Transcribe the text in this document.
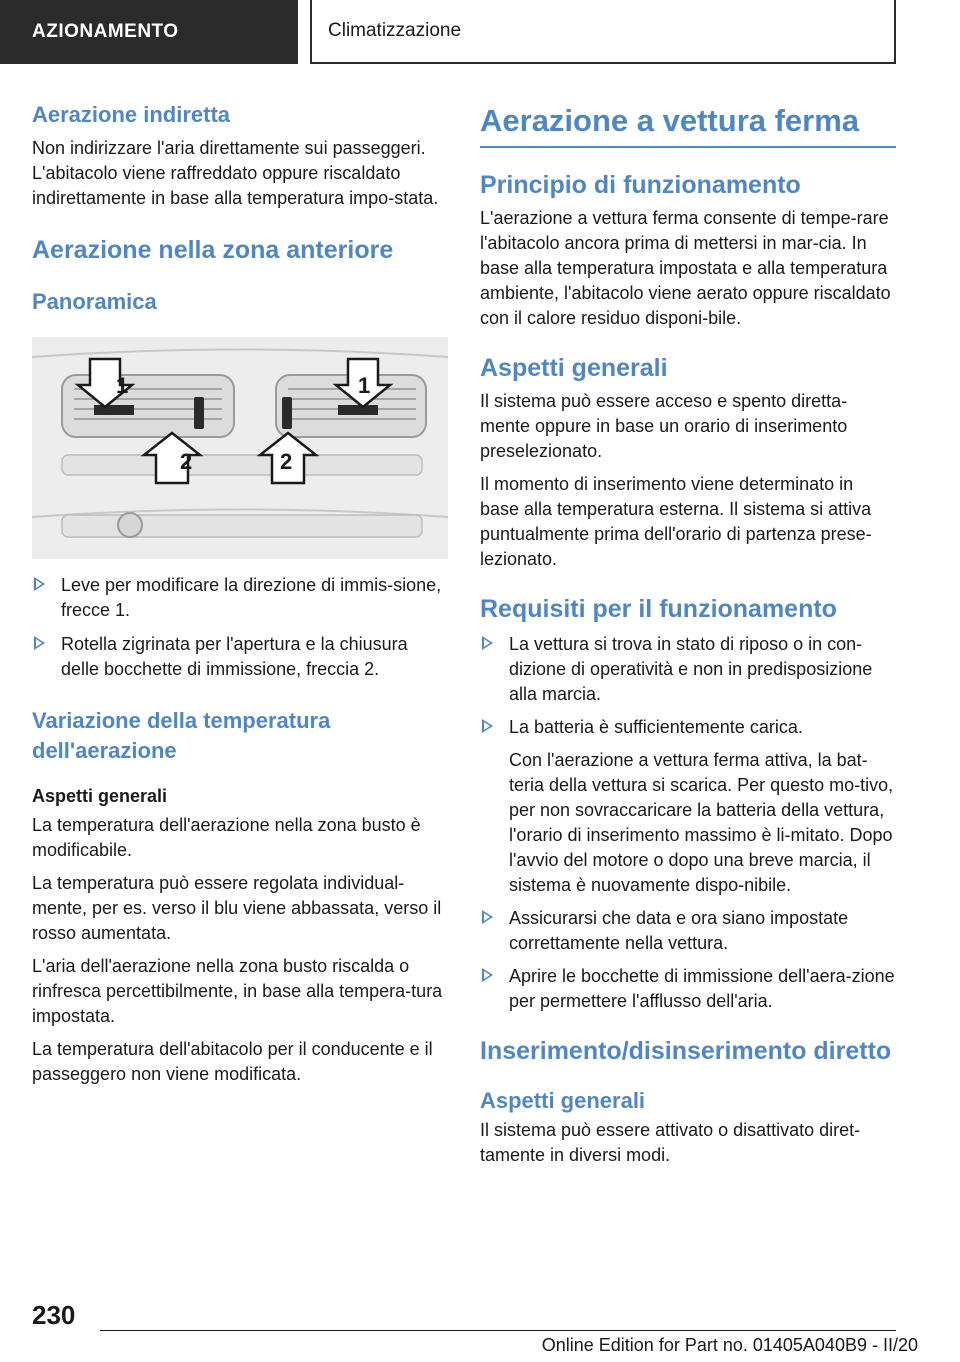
AZIONAMENTO	Climatizzazione
Aerazione indiretta

Non indirizzare l'aria direttamente sui passeggeri. L'abitacolo viene raffreddato oppure riscaldato indirettamente in base alla temperatura impo-stata.

Aerazione nella zona anteriore
Panoramica
1
2	2
1
Leve per modificare la direzione di immis-sione, frecce 1.
Rotella zigrinata per l'apertura e la chiusura delle bocchette di immissione, freccia 2.
Variazione della temperatura dell'aerazione
Aspetti generali

La temperatura dell'aerazione nella zona busto è modificabile.

La temperatura può essere regolata individual-mente, per es. verso il blu viene abbassata, verso il rosso aumentata.

L'aria dell'aerazione nella zona busto riscalda o rinfresca percettibilmente, in base alla tempera-tura impostata.

La temperatura dell'abitacolo per il conducente e il passeggero non viene modificata.

Aerazione a vettura ferma
Principio di funzionamento

L'aerazione a vettura ferma consente di tempe-rare l'abitacolo ancora prima di mettersi in mar-cia. In base alla temperatura impostata e alla temperatura ambiente, l'abitacolo viene aerato oppure riscaldato con il calore residuo disponi-bile.

Aspetti generali

Il sistema può essere acceso e spento diretta-mente oppure in base un orario di inserimento preselezionato.

Il momento di inserimento viene determinato in base alla temperatura esterna. Il sistema si attiva puntualmente prima dell'orario di partenza prese-lezionato.

Requisiti per il funzionamento
La vettura si trova in stato di riposo o in con-dizione di operatività e non in predisposizione alla marcia.
La batteria è sufficientemente carica.
Con l'aerazione a vettura ferma attiva, la bat-teria della vettura si scarica. Per questo mo-tivo, per non sovraccaricare la batteria della vettura, l'orario di inserimento massimo è li-mitato. Dopo l'avvio del motore o dopo una breve marcia, il sistema è nuovamente dispo-nibile.
Assicurarsi che data e ora siano impostate correttamente nella vettura.
Aprire le bocchette di immissione dell'aera-zione per permettere l'afflusso dell'aria.
Inserimento/disinserimento diretto
Aspetti generali

Il sistema può essere attivato o disattivato diret-tamente in diversi modi.

230
Online Edition for Part no. 01405A040B9 - II/20
